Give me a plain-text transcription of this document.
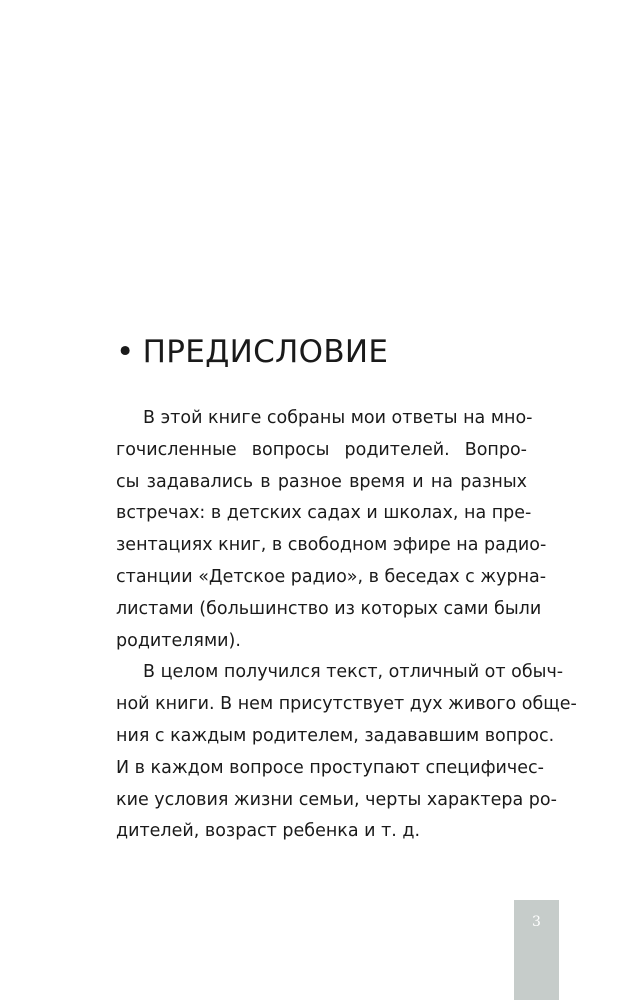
• ПРЕДИСЛОВИЕ
В этой книге собраны мои ответы на мно-
гочисленные вопросы родителей. Вопро-
сы задавались в разное время и на разных
встречах: в детских садах и школах, на пре-
зентациях книг, в свободном эфире на радио-
станции «Детское радио», в беседах с журна-
листами (большинство из которых сами были
родителями).
В целом получился текст, отличный от обыч-
ной книги. В нем присутствует дух живого обще-
ния с каждым родителем, задававшим вопрос.
И в каждом вопросе проступают специфичес-
кие условия жизни семьи, черты характера ро-
дителей, возраст ребенка и т. д.
3
